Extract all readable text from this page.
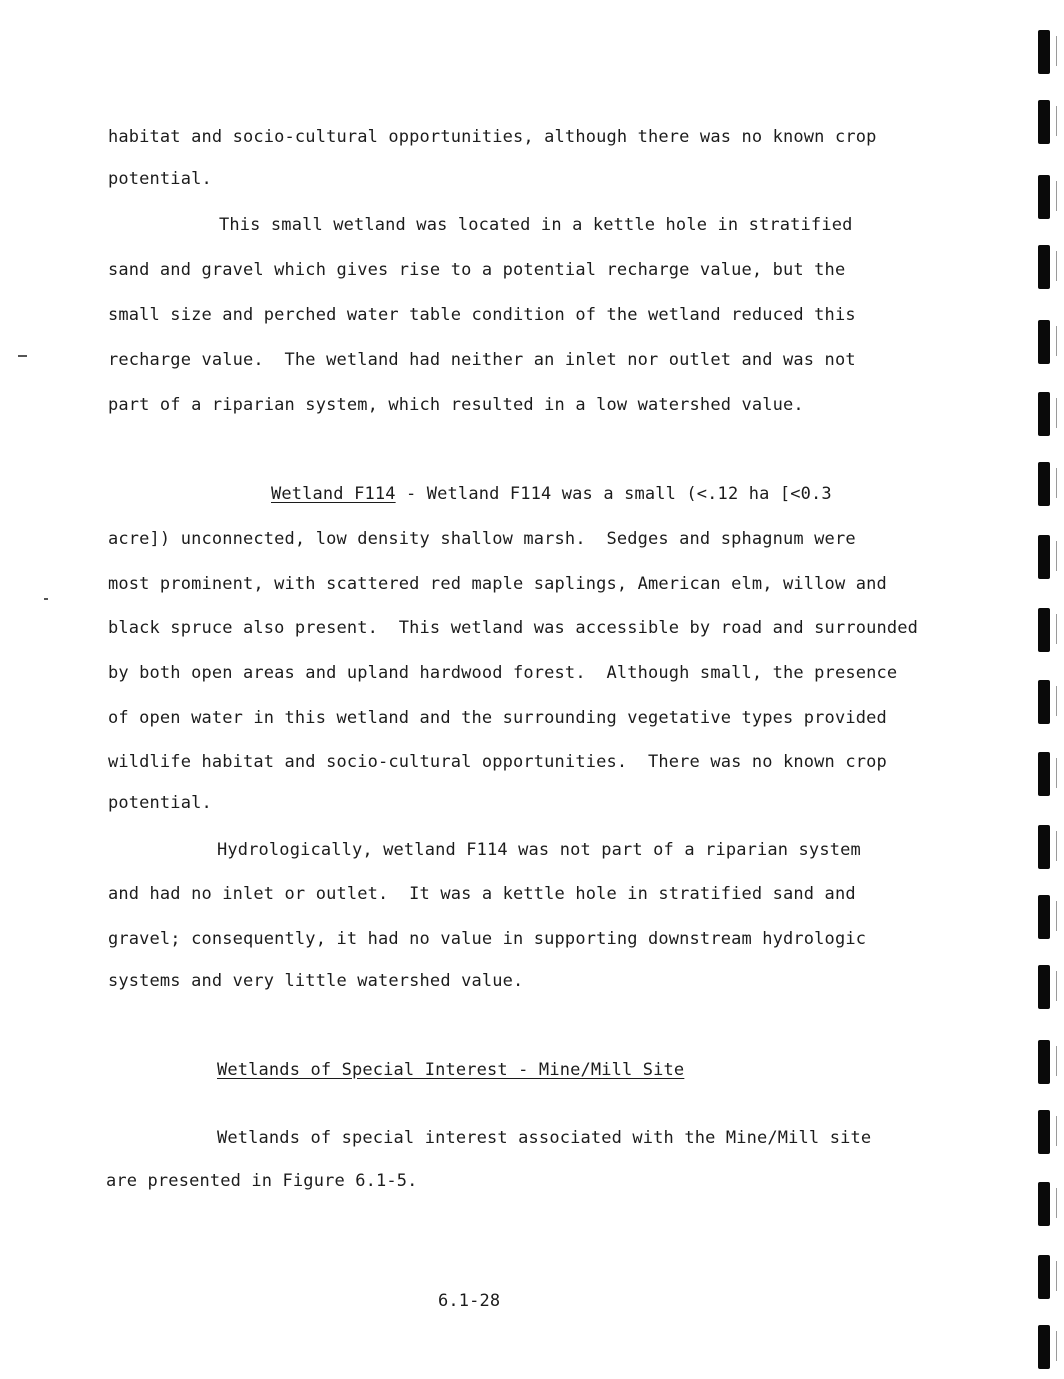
habitat and socio-cultural opportunities, although there was no known crop
potential.
This small wetland was located in a kettle hole in stratified
sand and gravel which gives rise to a potential recharge value, but the
small size and perched water table condition of the wetland reduced this
recharge value.  The wetland had neither an inlet nor outlet and was not
part of a riparian system, which resulted in a low watershed value.
Wetland F114 - Wetland F114 was a small (<.12 ha [<0.3
acre]) unconnected, low density shallow marsh.  Sedges and sphagnum were
most prominent, with scattered red maple saplings, American elm, willow and
black spruce also present.  This wetland was accessible by road and surrounded
by both open areas and upland hardwood forest.  Although small, the presence
of open water in this wetland and the surrounding vegetative types provided
wildlife habitat and socio-cultural opportunities.  There was no known crop
potential.
Hydrologically, wetland F114 was not part of a riparian system
and had no inlet or outlet.  It was a kettle hole in stratified sand and
gravel; consequently, it had no value in supporting downstream hydrologic
systems and very little watershed value.
Wetlands of Special Interest - Mine/Mill Site
Wetlands of special interest associated with the Mine/Mill site
are presented in Figure 6.1-5.
6.1-28
